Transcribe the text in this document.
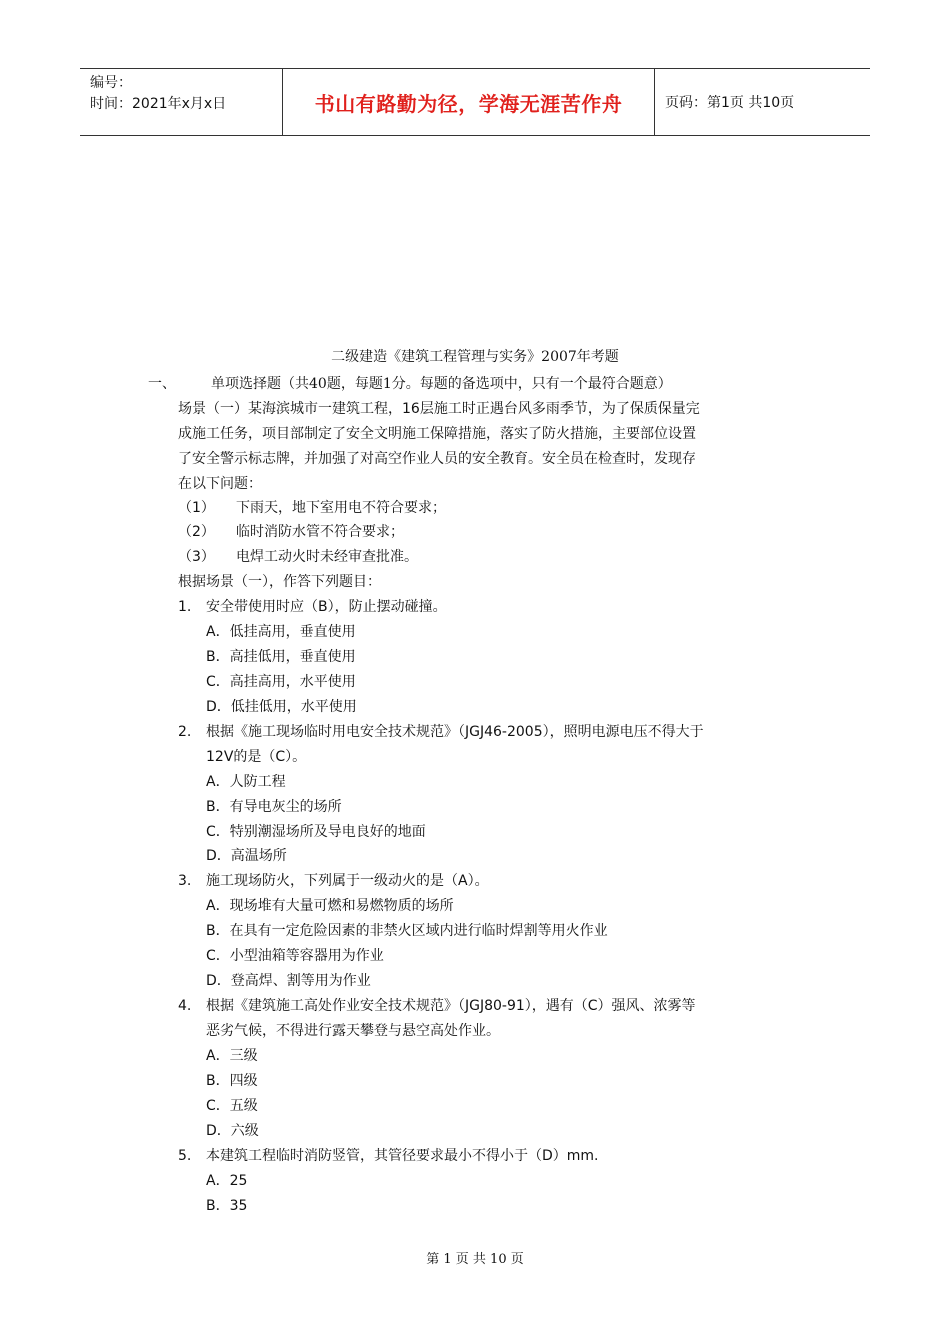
编号：
时间：2021年x月x日	书山有路勤为径，学海无涯苦作舟	页码：第1页 共10页
二级建造《建筑工程管理与实务》2007年考题
一、	单项选择题（共40题，每题1分。每题的备选项中，只有一个最符合题意）
场景（一）某海滨城市一建筑工程，16层施工时正遇台风多雨季节，为了保质保量完
成施工任务，项目部制定了安全文明施工保障措施，落实了防火措施，主要部位设置
了安全警示标志牌，并加强了对高空作业人员的安全教育。安全员在检查时，发现存
在以下问题：
（1） 下雨天，地下室用电不符合要求；
（2） 临时消防水管不符合要求；
（3） 电焊工动火时未经审查批准。
根据场景（一），作答下列题目：
1. 安全带使用时应（B），防止摆动碰撞。
A．低挂高用，垂直使用
B．高挂低用，垂直使用
C．高挂高用，水平使用
D．低挂低用，水平使用
2. 根据《施工现场临时用电安全技术规范》（JGJ46-2005），照明电源电压不得大于
12V的是（C）。
A．人防工程
B．有导电灰尘的场所
C．特别潮湿场所及导电良好的地面
D．高温场所
3. 施工现场防火，下列属于一级动火的是（A）。
A．现场堆有大量可燃和易燃物质的场所
B．在具有一定危险因素的非禁火区域内进行临时焊割等用火作业
C．小型油箱等容器用为作业
D．登高焊、割等用为作业
4. 根据《建筑施工高处作业安全技术规范》（JGJ80-91），遇有（C）强风、浓雾等
恶劣气候，不得进行露天攀登与悬空高处作业。
A．三级
B．四级
C．五级
D．六级
5. 本建筑工程临时消防竖管，其管径要求最小不得小于（D）mm.
A．25
B．35
第 1 页 共 10 页
